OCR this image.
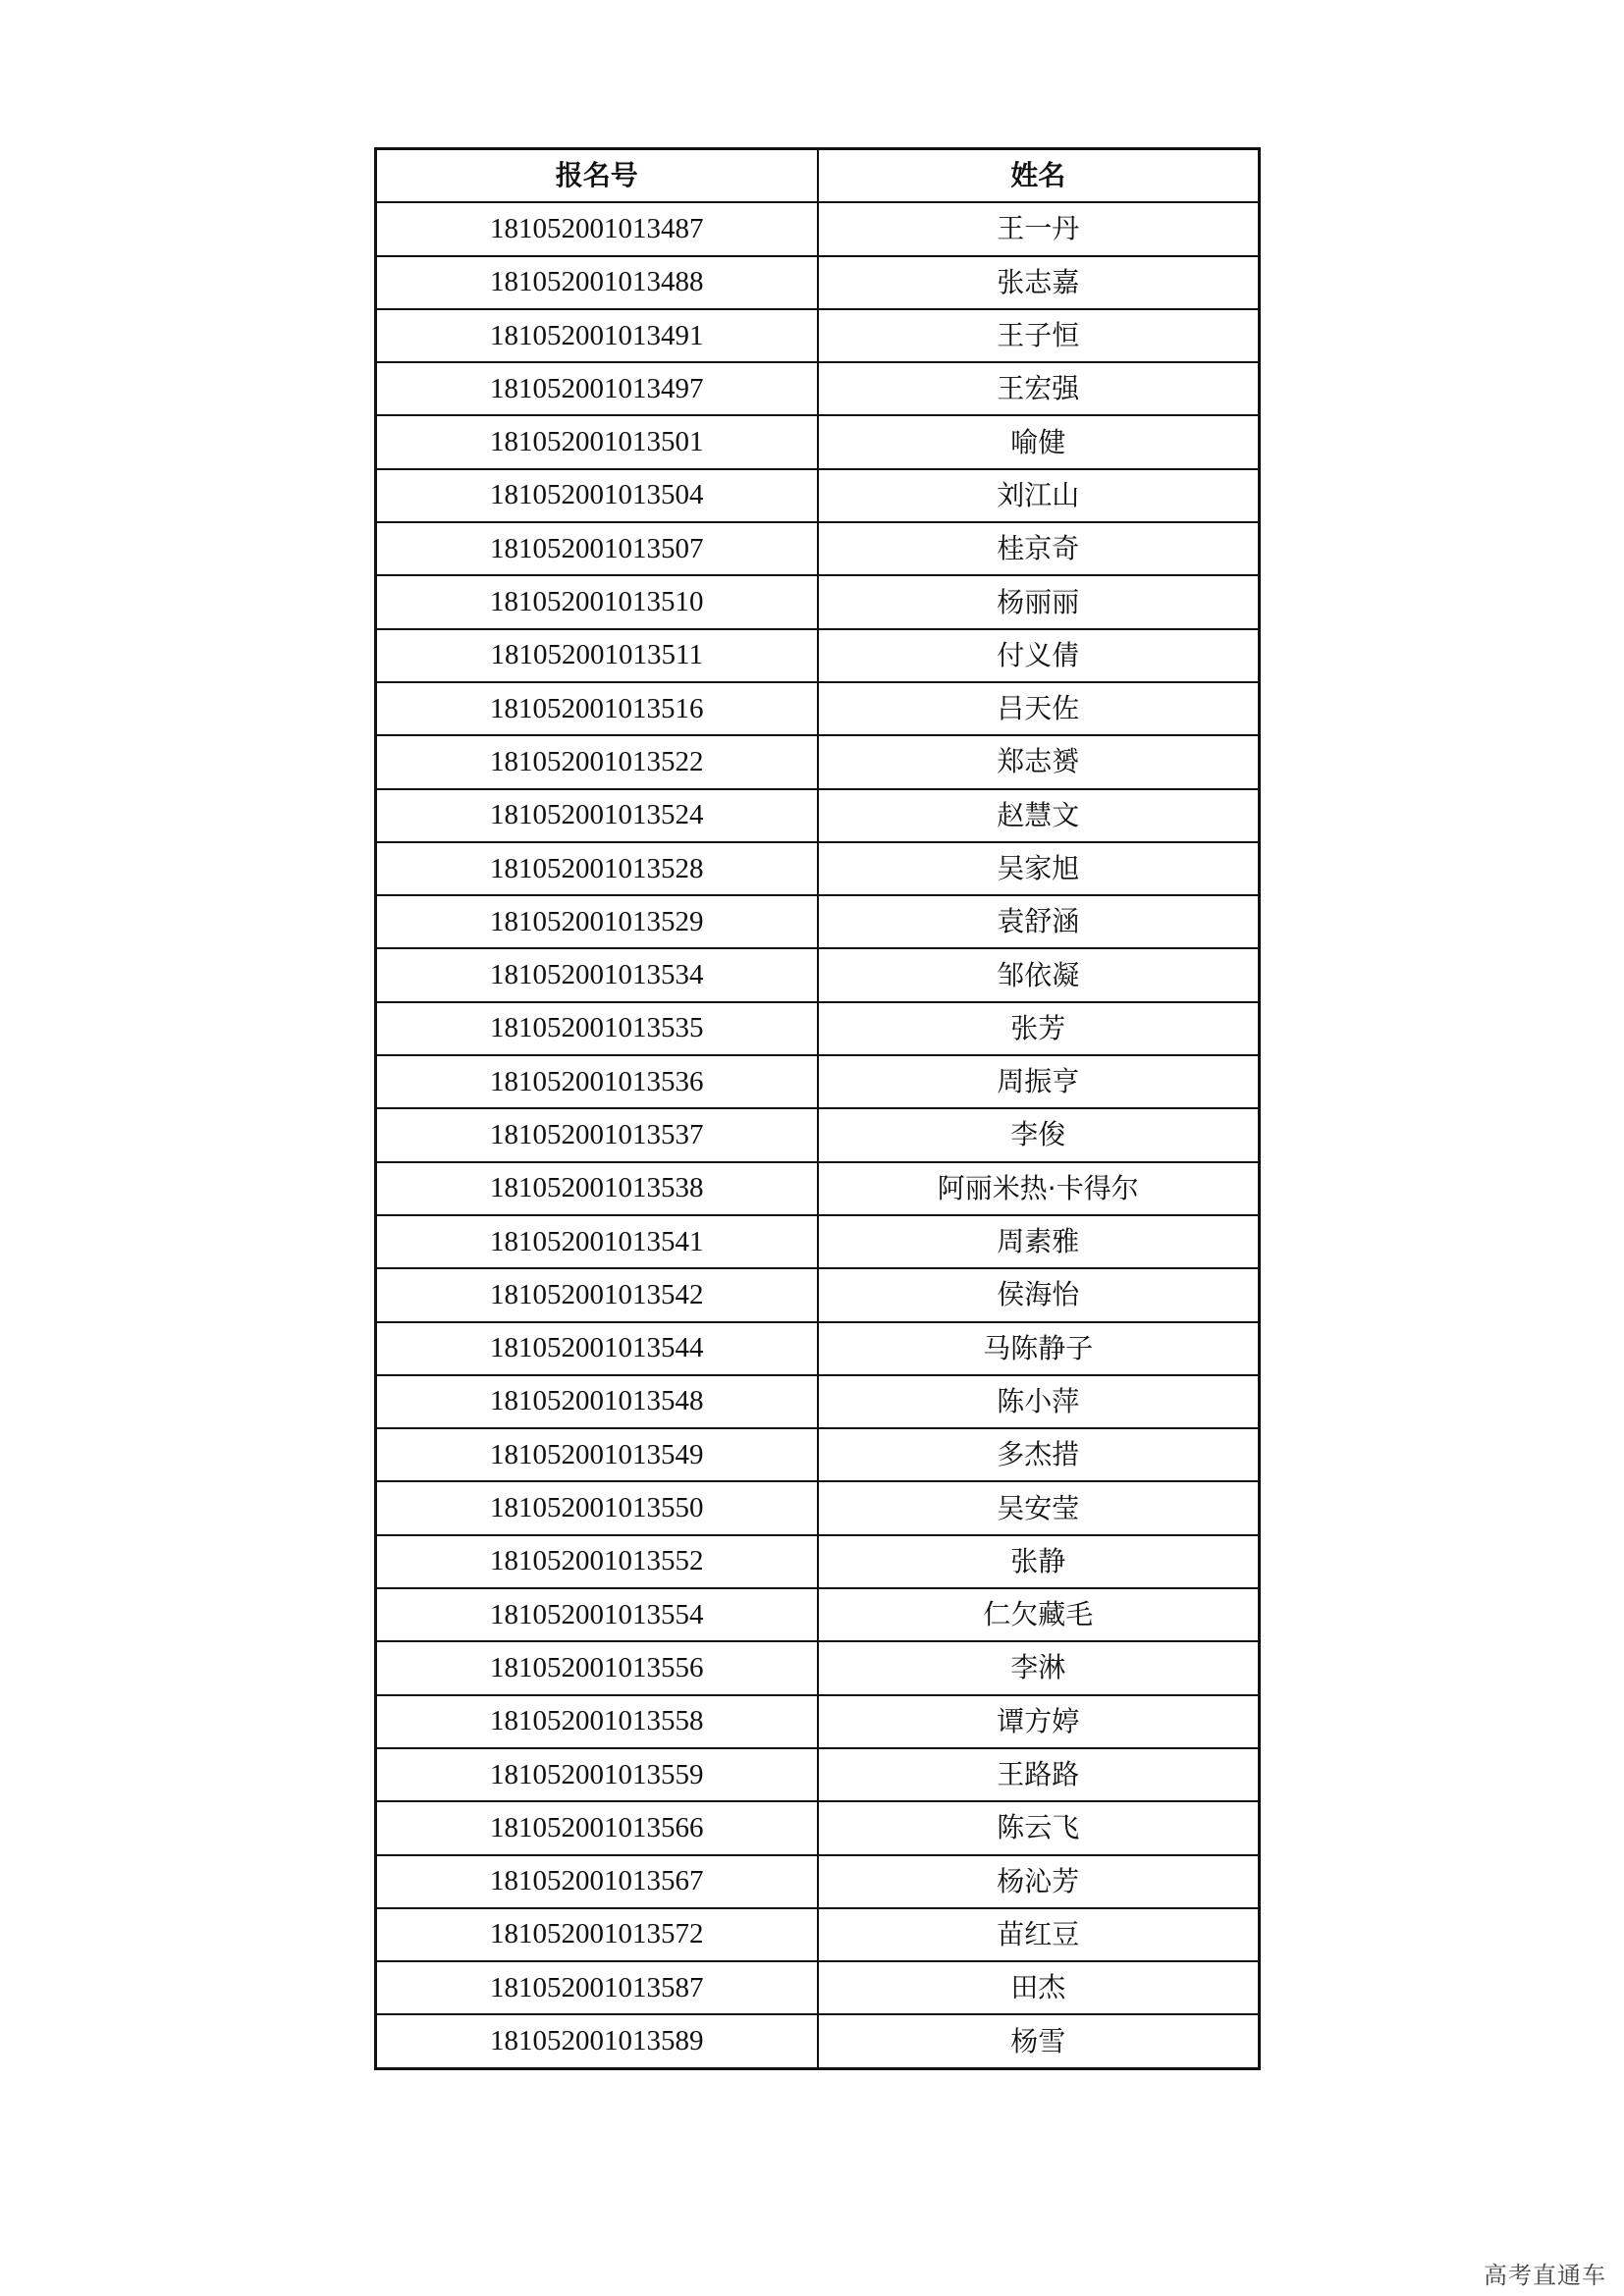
报名号	姓名
181052001013487	王一丹
181052001013488	张志嘉
181052001013491	王子恒
181052001013497	王宏强
181052001013501	喻健
181052001013504	刘江山
181052001013507	桂京奇
181052001013510	杨丽丽
181052001013511	付义倩
181052001013516	吕天佐
181052001013522	郑志赟
181052001013524	赵慧文
181052001013528	吴家旭
181052001013529	袁舒涵
181052001013534	邹依凝
181052001013535	张芳
181052001013536	周振亨
181052001013537	李俊
181052001013538	阿丽米热·卡得尔
181052001013541	周素雅
181052001013542	侯海怡
181052001013544	马陈静子
181052001013548	陈小萍
181052001013549	多杰措
181052001013550	吴安莹
181052001013552	张静
181052001013554	仁欠藏毛
181052001013556	李淋
181052001013558	谭方婷
181052001013559	王路路
181052001013566	陈云飞
181052001013567	杨沁芳
181052001013572	苗红豆
181052001013587	田杰
181052001013589	杨雪
高考直通车
